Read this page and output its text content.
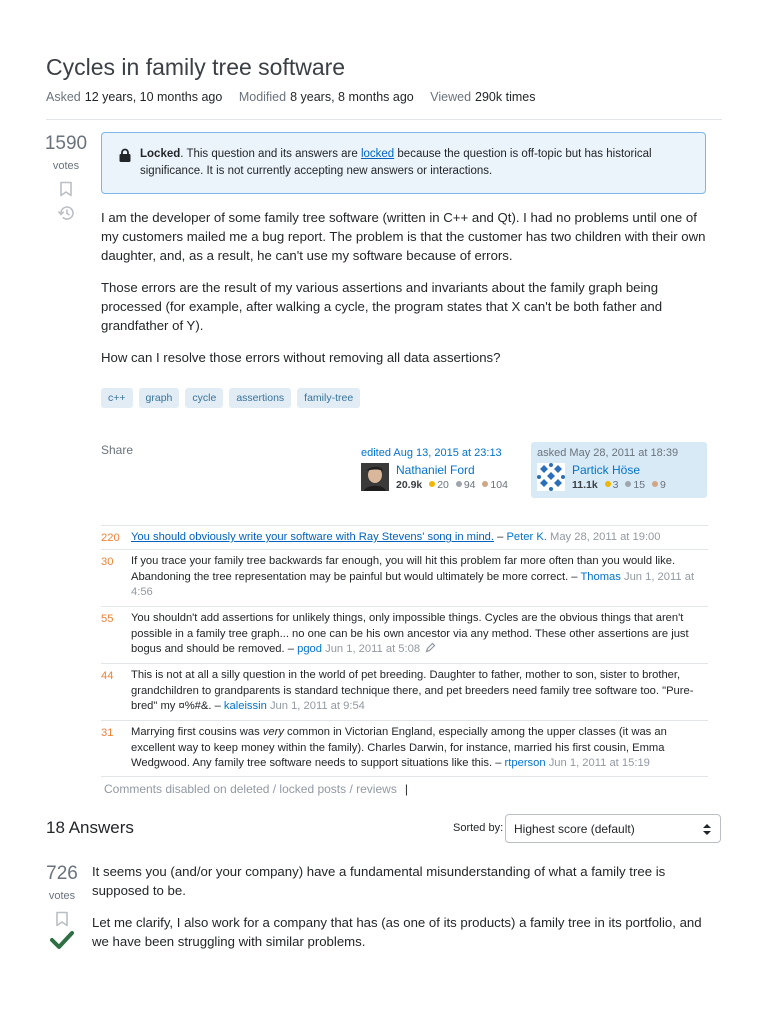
Cycles in family tree software
Asked 12 years, 10 months ago Modified 8 years, 8 months ago Viewed 290k times
1590
votes
Locked. This question and its answers are locked because the question is off-topic but has historical significance. It is not currently accepting new answers or interactions.

I am the developer of some family tree software (written in C++ and Qt). I had no problems until one of my customers mailed me a bug report. The problem is that the customer has two children with their own daughter, and, as a result, he can't use my software because of errors.

Those errors are the result of my various assertions and invariants about the family graph being processed (for example, after walking a cycle, the program states that X can't be both father and grandfather of Y).

How can I resolve those errors without removing all data assertions?

c++	graph	cycle	assertions	family-tree
Share	edited Aug 13, 2015 at 23:13
Nathaniel Ford
20.9k 20 94 104
asked May 28, 2011 at 18:39
Partick Höse
11.1k 3 15 9
220 You should obviously write your software with Ray Stevens' song in mind. – Peter K. May 28, 2011 at 19:00
30 If you trace your family tree backwards far enough, you will hit this problem far more often than you would like. Abandoning the tree representation may be painful but would ultimately be more correct. – Thomas Jun 1, 2011 at 4:56
55 You shouldn't add assertions for unlikely things, only impossible things. Cycles are the obvious things that aren't possible in a family tree graph... no one can be his own ancestor via any method. These other assertions are just bogus and should be removed. – pgod Jun 1, 2011 at 5:08
44 This is not at all a silly question in the world of pet breeding. Daughter to father, mother to son, sister to brother, grandchildren to grandparents is standard technique there, and pet breeders need family tree software too. "Pure-bred" my ¤%#&. – kaleissin Jun 1, 2011 at 9:54
31 Marrying first cousins was very common in Victorian England, especially among the upper classes (it was an excellent way to keep money within the family). Charles Darwin, for instance, married his first cousin, Emma Wedgwood. Any family tree software needs to support situations like this. – rtperson Jun 1, 2011 at 15:19
Comments disabled on deleted / locked posts / reviews |
18 Answers	Sorted by: Highest score (default)
726
votes

It seems you (and/or your company) have a fundamental misunderstanding of what a family tree is supposed to be.

Let me clarify, I also work for a company that has (as one of its products) a family tree in its portfolio, and we have been struggling with similar problems.
